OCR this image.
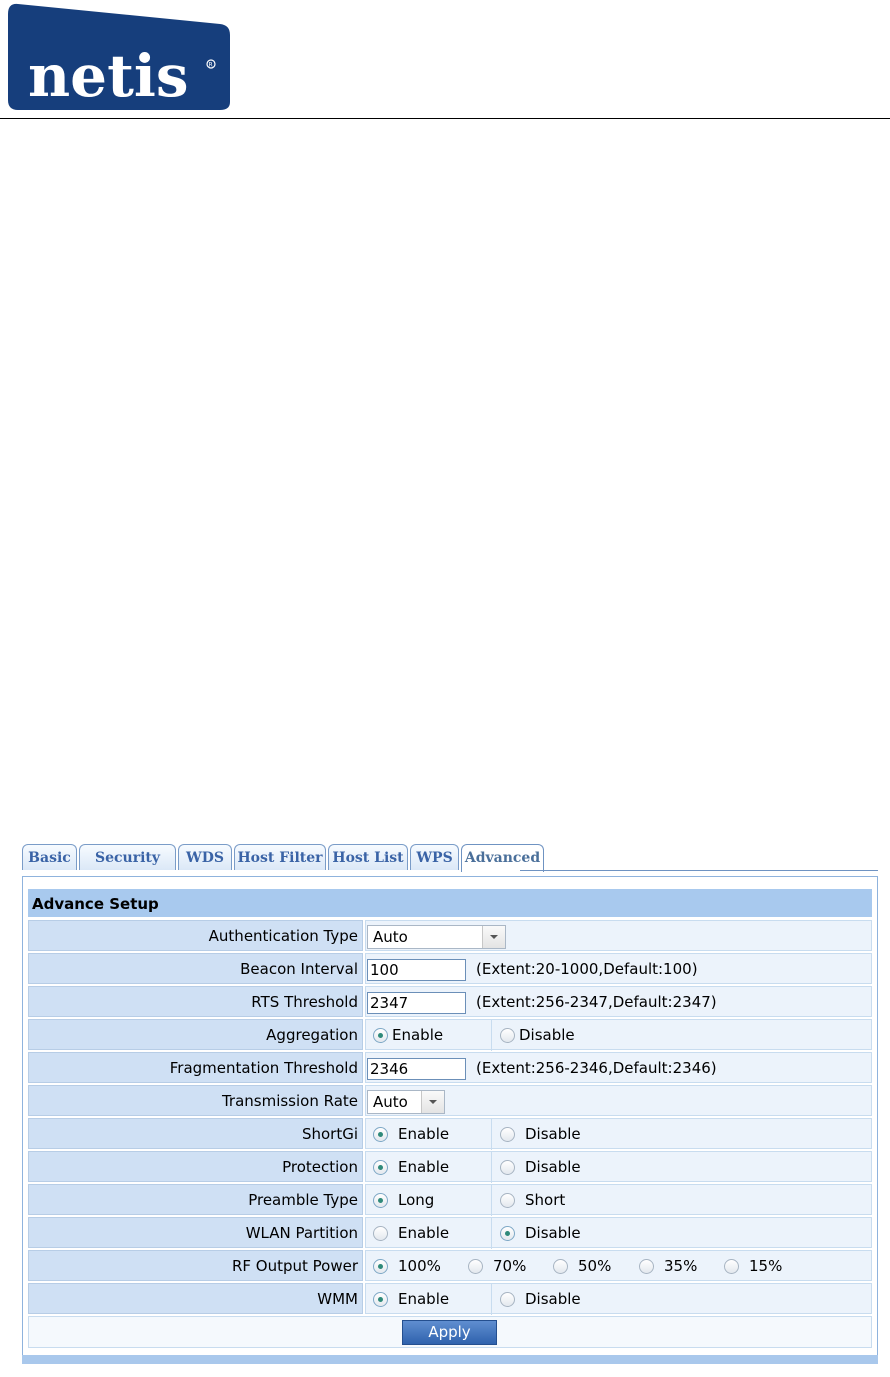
netis	R
Basic	Security	WDS Host Filter Host List WPS Advanced
Advance Setup
Authentication Type	Auto
Beacon Interval 100	(Extent:20-1000,Default:100)
RTS Threshold 2347	(Extent:256-2347,Default:2347)
Aggregation	Enable	Disable
Fragmentation Threshold 2346	(Extent:256-2346,Default:2346)
Transmission Rate	Auto
ShortGi	Enable	Disable
Protection	Enable	Disable
Preamble Type	Long	Short
WLAN Partition	Enable	Disable
RF Output Power	100%	70%	50%	35%	15%
WMM	Enable	Disable
Apply
